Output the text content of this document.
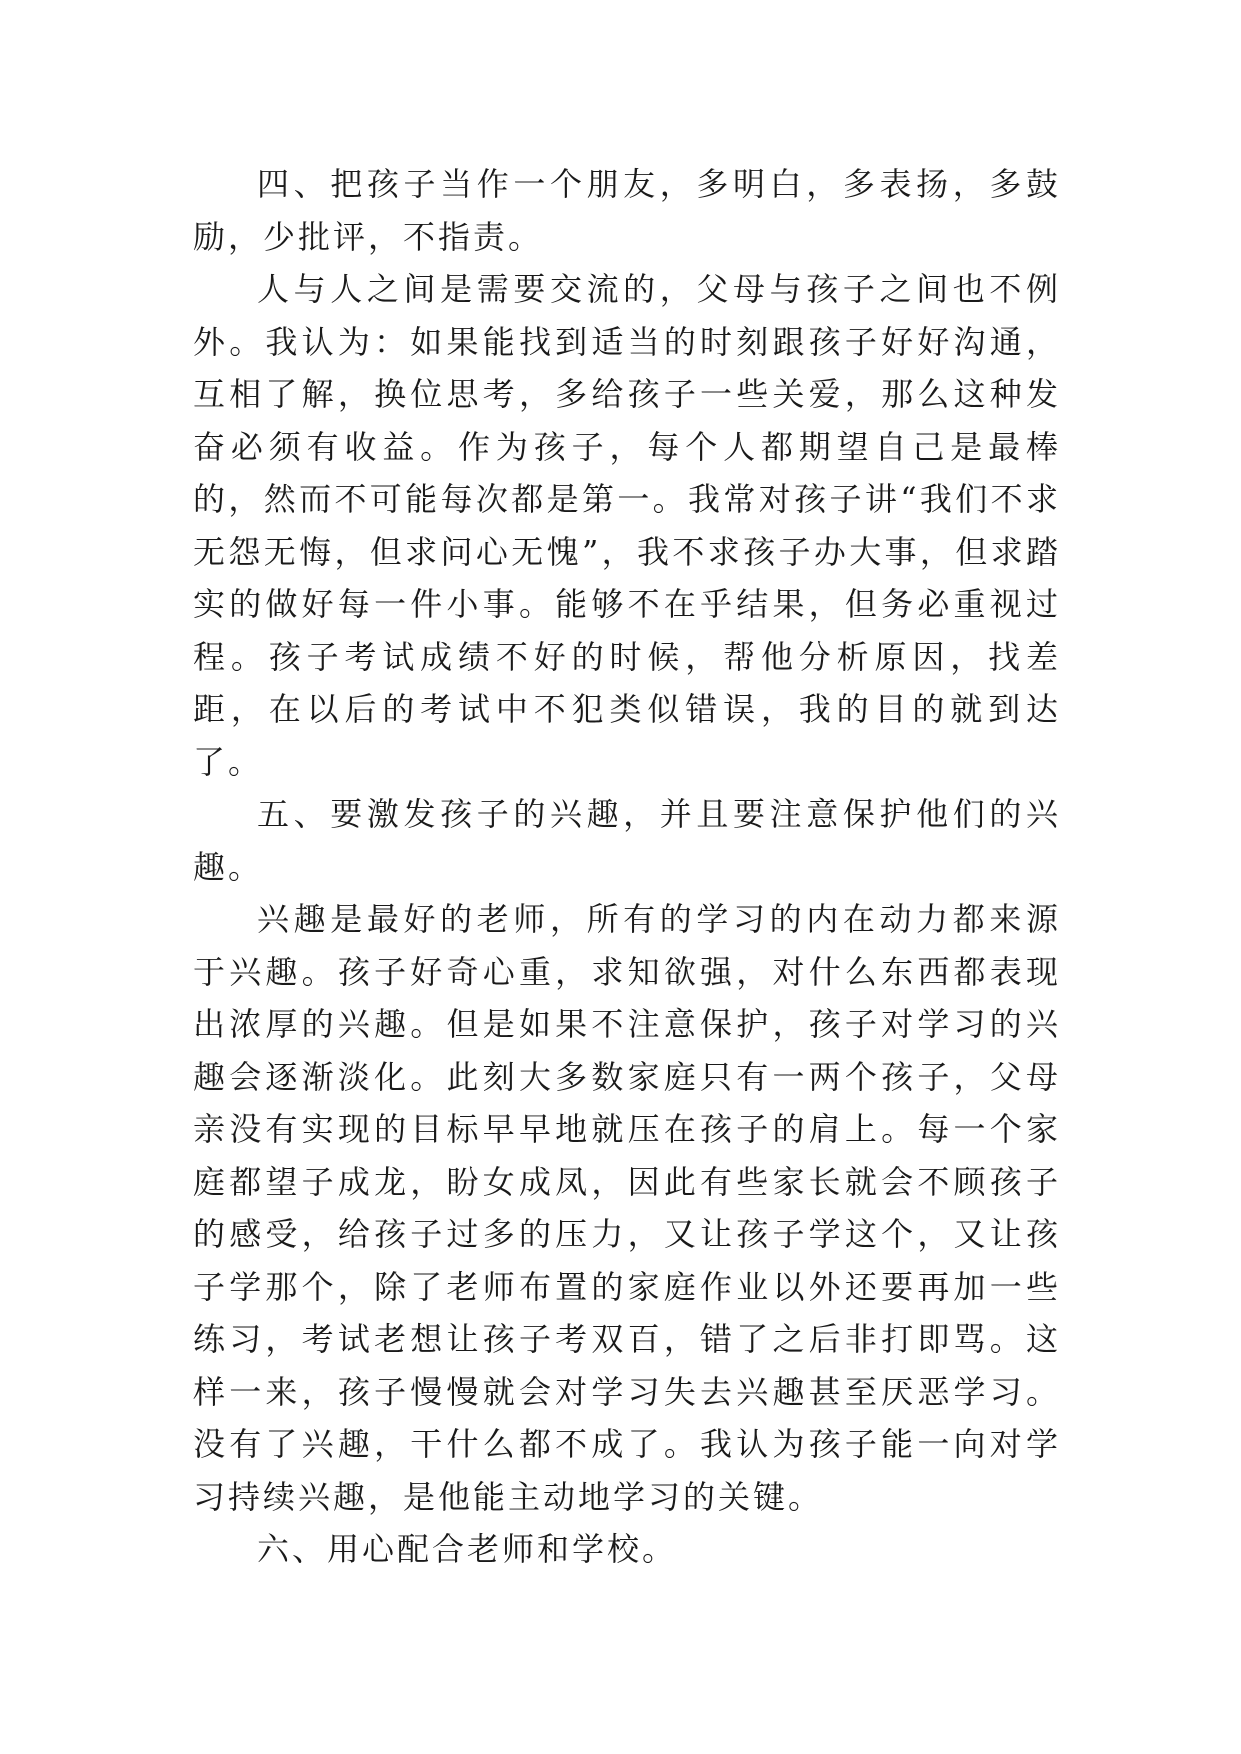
四、把孩子当作一个朋友，多明白，多表扬，多鼓励，少批评，不指责。

人与人之间是需要交流的，父母与孩子之间也不例外。我认为：如果能找到适当的时刻跟孩子好好沟通，互相了解，换位思考，多给孩子一些关爱，那么这种发奋必须有收益。作为孩子，每个人都期望自己是最棒的，然而不可能每次都是第一。我常对孩子讲“我们不求无怨无悔，但求问心无愧”，我不求孩子办大事，但求踏实的做好每一件小事。能够不在乎结果，但务必重视过程。孩子考试成绩不好的时候，帮他分析原因，找差距，在以后的考试中不犯类似错误，我的目的就到达了。

五、要激发孩子的兴趣，并且要注意保护他们的兴趣。

兴趣是最好的老师，所有的学习的内在动力都来源于兴趣。孩子好奇心重，求知欲强，对什么东西都表现出浓厚的兴趣。但是如果不注意保护，孩子对学习的兴趣会逐渐淡化。此刻大多数家庭只有一两个孩子，父母亲没有实现的目标早早地就压在孩子的肩上。每一个家庭都望子成龙，盼女成凤，因此有些家长就会不顾孩子的感受，给孩子过多的压力，又让孩子学这个，又让孩子学那个，除了老师布置的家庭作业以外还要再加一些练习，考试老想让孩子考双百，错了之后非打即骂。这样一来，孩子慢慢就会对学习失去兴趣甚至厌恶学习。没有了兴趣，干什么都不成了。我认为孩子能一向对学习持续兴趣，是他能主动地学习的关键。

六、用心配合老师和学校。
